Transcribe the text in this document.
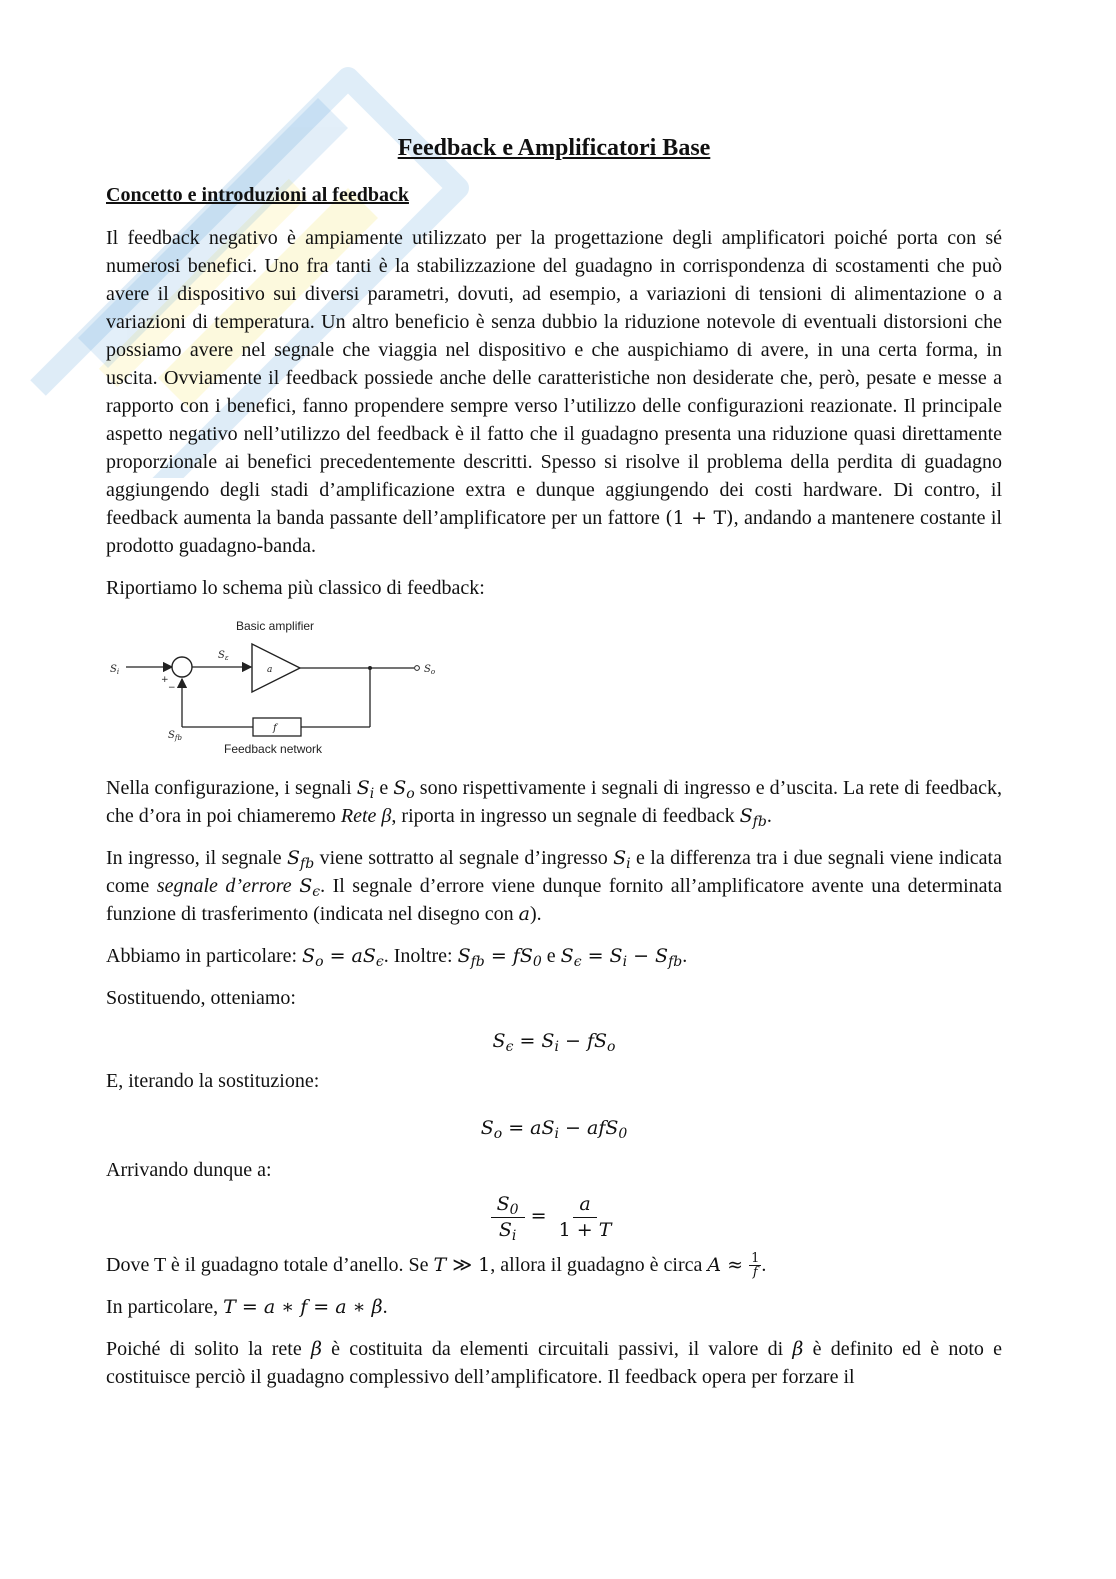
Feedback e Amplificatori Base
Concetto e introduzioni al feedback

Il feedback negativo è ampiamente utilizzato per la progettazione degli amplificatori poiché porta con sé numerosi benefici. Uno fra tanti è la stabilizzazione del guadagno in corrispondenza di scostamenti che può avere il dispositivo sui diversi parametri, dovuti, ad esempio, a variazioni di tensioni di alimentazione o a variazioni di temperatura. Un altro beneficio è senza dubbio la riduzione notevole di eventuali distorsioni che possiamo avere nel segnale che viaggia nel dispositivo e che auspichiamo di avere, in una certa forma, in uscita. Ovviamente il feedback possiede anche delle caratteristiche non desiderate che, però, pesate e messe a rapporto con i benefici, fanno propendere sempre verso l’utilizzo delle configurazioni reazionate. Il principale aspetto negativo nell’utilizzo del feedback è il fatto che il guadagno presenta una riduzione quasi direttamente proporzionale ai benefici precedentemente descritti. Spesso si risolve il problema della perdita di guadagno aggiungendo degli stadi d’amplificazione extra e dunque aggiungendo dei costi hardware. Di contro, il feedback aumenta la banda passante dell’amplificatore per un fattore (1 + T), andando a mantenere costante il prodotto guadagno-banda.

Riportiamo lo schema più classico di feedback:

Basic amplifier
$S_i$
+
−
$S_\varepsilon$
a	$S_o$
f
$S_{fb}$
Feedback network

Nella configurazione, i segnali $S_i$ e $S_o$ sono rispettivamente i segnali di ingresso e d’uscita. La rete di feedback, che d’ora in poi chiameremo Rete β, riporta in ingresso un segnale di feedback $S_{fb}$.

In ingresso, il segnale $S_{fb}$ viene sottratto al segnale d’ingresso $S_i$ e la differenza tra i due segnali viene indicata come segnale d’errore $S_\epsilon$. Il segnale d’errore viene dunque fornito all’amplificatore avente una determinata funzione di trasferimento (indicata nel disegno con a).

Abbiamo in particolare: $S_o = aS_\epsilon$. Inoltre: $S_{fb} = fS_0$ e $S_\epsilon = S_i - S_{fb}$.

Sostituendo, otteniamo:

$S_\epsilon = S_i - fS_o$

E, iterando la sostituzione:

$S_o = aS_i - afS_0$

Arrivando dunque a:

$\frac{S_0}{S_i} = \frac{a}{1 + T}$

Dove T è il guadagno totale d’anello. Se T ≫ 1, allora il guadagno è circa $A \approx \frac{1}{f}$ .

In particolare, T = a ∗ f = a ∗ β.

Poiché di solito la rete β è costituita da elementi circuitali passivi, il valore di β è definito ed è noto e costituisce perciò il guadagno complessivo dell’amplificatore. Il feedback opera per forzare il
